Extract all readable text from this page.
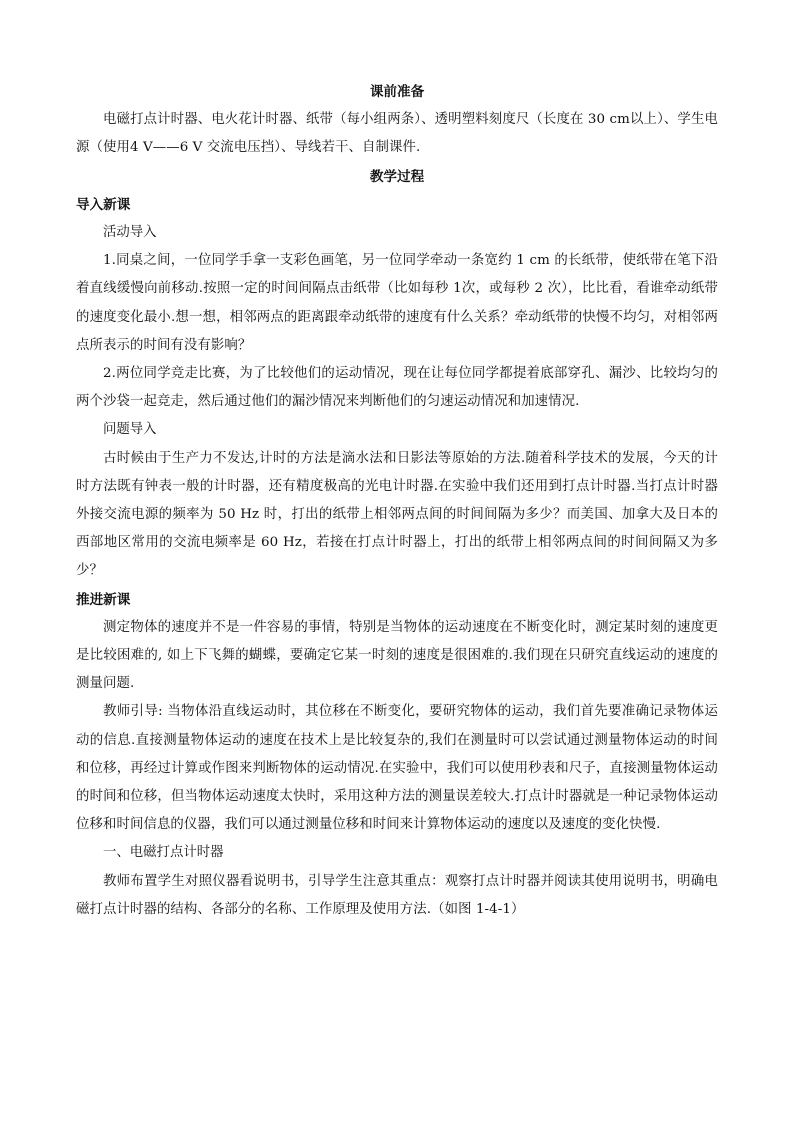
课前准备

电磁打点计时器、电火花计时器、纸带（每小组两条）、透明塑料刻度尺（长度在 30 cm以上）、学生电源（使用4 V——6 V 交流电压挡）、导线若干、自制课件.

教学过程

导入新课

活动导入

1.同桌之间，一位同学手拿一支彩色画笔，另一位同学牵动一条宽约 1 cm 的长纸带，使纸带在笔下沿着直线缓慢向前移动.按照一定的时间间隔点击纸带（比如每秒 1次，或每秒 2 次），比比看，看谁牵动纸带的速度变化最小.想一想，相邻两点的距离跟牵动纸带的速度有什么关系？牵动纸带的快慢不均匀，对相邻两点所表示的时间有没有影响？

2.两位同学竞走比赛，为了比较他们的运动情况，现在让每位同学都提着底部穿孔、漏沙、比较均匀的两个沙袋一起竞走，然后通过他们的漏沙情况来判断他们的匀速运动情况和加速情况.

问题导入

古时候由于生产力不发达,计时的方法是滴水法和日影法等原始的方法.随着科学技术的发展，今天的计时方法既有钟表一般的计时器，还有精度极高的光电计时器.在实验中我们还用到打点计时器.当打点计时器外接交流电源的频率为 50 Hz 时，打出的纸带上相邻两点间的时间间隔为多少？而美国、加拿大及日本的西部地区常用的交流电频率是 60 Hz，若接在打点计时器上，打出的纸带上相邻两点间的时间间隔又为多少？

推进新课

测定物体的速度并不是一件容易的事情，特别是当物体的运动速度在不断变化时，测定某时刻的速度更是比较困难的, 如上下飞舞的蝴蝶，要确定它某一时刻的速度是很困难的.我们现在只研究直线运动的速度的测量问题.

教师引导: 当物体沿直线运动时，其位移在不断变化，要研究物体的运动，我们首先要准确记录物体运动的信息.直接测量物体运动的速度在技术上是比较复杂的,我们在测量时可以尝试通过测量物体运动的时间和位移，再经过计算或作图来判断物体的运动情况.在实验中，我们可以使用秒表和尺子，直接测量物体运动的时间和位移，但当物体运动速度太快时，采用这种方法的测量误差较大.打点计时器就是一种记录物体运动位移和时间信息的仪器，我们可以通过测量位移和时间来计算物体运动的速度以及速度的变化快慢.

一、电磁打点计时器

教师布置学生对照仪器看说明书，引导学生注意其重点：观察打点计时器并阅读其使用说明书，明确电磁打点计时器的结构、各部分的名称、工作原理及使用方法.（如图 1-4-1）
